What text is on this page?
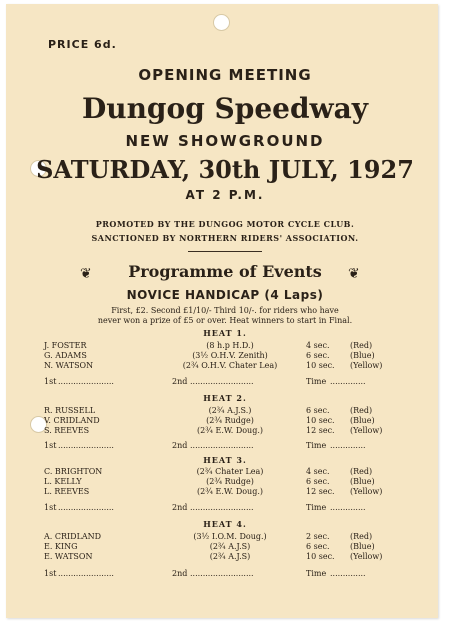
PRICE 6d.
OPENING MEETING
Dungog Speedway
NEW SHOWGROUND
SATURDAY, 30th JULY, 1927
AT 2 P.M.
PROMOTED BY THE DUNGOG MOTOR CYCLE CLUB.
SANCTIONED BY NORTHERN RIDERS' ASSOCIATION.
❦	Programme of Events	❦
NOVICE HANDICAP (4 Laps)
First, £2. Second £1/10/- Third 10/-. for riders who have
never won a prize of £5 or over. Heat winners to start in Final.
HEAT 1.
J. FOSTER	(8 h.p H.D.)	4 sec.	(Red)
G. ADAMS	(3½ O.H.V. Zenith)	6 sec.	(Blue)
N. WATSON	(2¾ O.H.V. Chater Lea)	10 sec. (Yellow)
1st ......................	2nd .........................	Time ..............
HEAT 2.
R. RUSSELL	(2¾ A.J.S.)	6 sec.	(Red)
V. CRIDLAND	(2¾ Rudge)	10 sec. (Blue)
S. REEVES	(2¾ E.W. Doug.)	12 sec. (Yellow)
1st ......................	2nd .........................	Time ..............
HEAT 3.
C. BRIGHTON	(2¾ Chater Lea)	4 sec.	(Red)
L. KELLY	(2¾ Rudge)	6 sec.	(Blue)
L. REEVES	(2¾ E.W. Doug.)	12 sec. (Yellow)
1st ......................	2nd .........................	Time ..............
HEAT 4.
A. CRIDLAND	(3½ I.O.M. Doug.)	2 sec.	(Red)
E. KING	(2¾ A.J.S)	6 sec.	(Blue)
E. WATSON	(2¾ A.J.S)	10 sec. (Yellow)
1st ......................	2nd .........................	Time ..............
